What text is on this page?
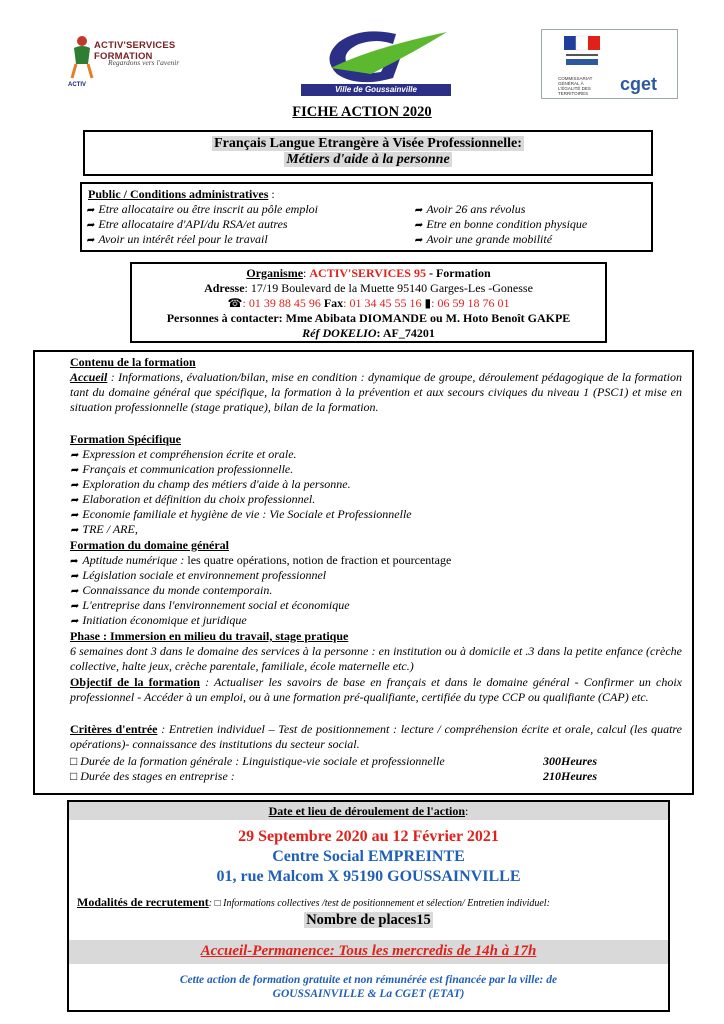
ACTIV
ACTIV'SERVICES FORMATION
Regardons vers l'avenir
Ville de Goussainville
COMMISSARIAT GÉNÉRAL À L'ÉGALITÉ DES TERRITOIRES	cget
FICHE ACTION 2020
Français Langue Etrangère à Visée Professionnelle:
Métiers d'aide à la personne
Public / Conditions administratives :
➦ Etre allocataire ou être inscrit au pôle emploi
➦ Etre allocataire d'API/du RSA/et autres
➦ Avoir un intérêt réel pour le travail
➦ Avoir 26 ans révolus
➦ Etre en bonne condition physique
➦ Avoir une grande mobilité
Organisme: ACTIV'SERVICES 95 - Formation
Adresse: 17/19 Boulevard de la Muette 95140 Garges-Les -Gonesse
☎: 01 39 88 45 96 Fax: 01 34 45 55 16 ▮: 06 59 18 76 01
Personnes à contacter: Mme Abibata DIOMANDE ou M. Hoto Benoît GAKPE
Réf DOKELIO: AF_74201
Contenu de la formation
Accueil : Informations, évaluation/bilan, mise en condition : dynamique de groupe, déroulement pédagogique de la formation tant du domaine général que spécifique, la formation à la prévention et aux secours civiques du niveau 1 (PSC1) et mise en situation professionnelle (stage pratique), bilan de la formation.
Formation Spécifique
➦ Expression et compréhension écrite et orale.
➦ Français et communication professionnelle.
➦ Exploration du champ des métiers d'aide à la personne.
➦ Elaboration et définition du choix professionnel.
➦ Economie familiale et hygiène de vie : Vie Sociale et Professionnelle
➦ TRE / ARE,
Formation du domaine général
➦ Aptitude numérique : les quatre opérations, notion de fraction et pourcentage
➦ Législation sociale et environnement professionnel
➦ Connaissance du monde contemporain.
➦ L'entreprise dans l'environnement social et économique
➦ Initiation économique et juridique
Phase : Immersion en milieu du travail, stage pratique
6 semaines dont 3 dans le domaine des services à la personne : en institution ou à domicile et .3 dans la petite enfance (crèche collective, halte jeux, crèche parentale, familiale, école maternelle etc.)
Objectif de la formation : Actualiser les savoirs de base en français et dans le domaine général - Confirmer un choix professionnel - Accéder à un emploi, ou à une formation pré-qualifiante, certifiée du type CCP ou qualifiante (CAP) etc.
Critères d'entrée : Entretien individuel – Test de positionnement : lecture / compréhension écrite et orale, calcul (les quatre opérations)- connaissance des institutions du secteur social.
□ Durée de la formation générale : Linguistique-vie sociale et professionnelle	300Heures
□ Durée des stages en entreprise :	210Heures
Date et lieu de déroulement de l'action:
29 Septembre 2020 au 12 Février 2021
Centre Social EMPREINTE
01, rue Malcom X 95190 GOUSSAINVILLE
Modalités de recrutement: □ Informations collectives /test de positionnement et sélection/ Entretien individuel:
Nombre de places15
Accueil-Permanence: Tous les mercredis de 14h à 17h
Cette action de formation gratuite et non rémunérée est financée par la ville: de
GOUSSAINVILLE & La CGET (ETAT)
